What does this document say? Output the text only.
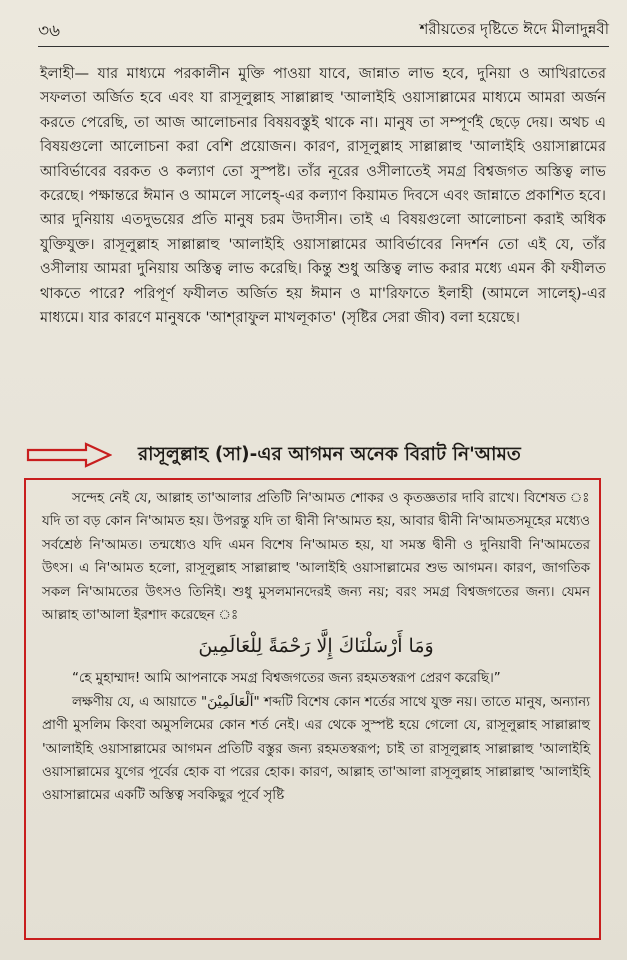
৩৬	শরীয়তের দৃষ্টিতে ঈদে মীলাদুন্নবী

ইলাহী— যার মাধ্যমে পরকালীন মুক্তি পাওয়া যাবে, জান্নাত লাভ হবে, দুনিয়া ও আখিরাতের সফলতা অর্জিত হবে এবং যা রাসূলুল্লাহ সাল্লাল্লাহু 'আলাইহি ওয়াসাল্লামের মাধ্যমে আমরা অর্জন করতে পেরেছি, তা আজ আলোচনার বিষয়বস্তুই থাকে না। মানুষ তা সম্পূর্ণই ছেড়ে দেয়। অথচ এ বিষয়গুলো আলোচনা করা বেশি প্রয়োজন। কারণ, রাসূলুল্লাহ সাল্লাল্লাহু 'আলাইহি ওয়াসাল্লামের আবির্ভাবের বরকত ও কল্যাণ তো সুস্পষ্ট। তাঁর নূরের ওসীলাতেই সমগ্র বিশ্বজগত অস্তিত্ব লাভ করেছে। পক্ষান্তরে ঈমান ও আমলে সালেহ্-এর কল্যাণ কিয়ামত দিবসে এবং জান্নাতে প্রকাশিত হবে। আর দুনিয়ায় এতদুভয়ের প্রতি মানুষ চরম উদাসীন। তাই এ বিষয়গুলো আলোচনা করাই অধিক যুক্তিযুক্ত। রাসূলুল্লাহ সাল্লাল্লাহু 'আলাইহি ওয়াসাল্লামের আবির্ভাবের নিদর্শন তো এই যে, তাঁর ওসীলায় আমরা দুনিয়ায় অস্তিত্ব লাভ করেছি। কিন্তু শুধু অস্তিত্ব লাভ করার মধ্যে এমন কী ফযীলত থাকতে পারে? পরিপূর্ণ ফযীলত অর্জিত হয় ঈমান ও মা'রিফাতে ইলাহী (আমলে সালেহ্)-এর মাধ্যমে। যার কারণে মানুষকে 'আশ্‌রাফুল মাখলূকাত' (সৃষ্টির সেরা জীব) বলা হয়েছে।

রাসূলুল্লাহ (সা)-এর আগমন অনেক বিরাট নি'আমত

সন্দেহ নেই যে, আল্লাহ তা'আলার প্রতিটি নি'আমত শোকর ও কৃতজ্ঞতার দাবি রাখে। বিশেষত ঃ যদি তা বড় কোন নি'আমত হয়। উপরন্তু যদি তা দ্বীনী নি'আমত হয়, আবার দ্বীনী নি'আমতসমূহের মধ্যেও সর্বশ্রেষ্ঠ নি'আমত। তন্মধ্যেও যদি এমন বিশেষ নি'আমত হয়, যা সমস্ত দ্বীনী ও দুনিয়াবী নি'আমতের উৎস। এ নি'আমত হলো, রাসূলুল্লাহ সাল্লাল্লাহু 'আলাইহি ওয়াসাল্লামের শুভ আগমন। কারণ, জাগতিক সকল নি'আমতের উৎসও তিনিই। শুধু মুসলমানদেরই জন্য নয়; বরং সমগ্র বিশ্বজগতের জন্য। যেমন আল্লাহ তা'আলা ইরশাদ করেছেন ঃ

وَمَا أَرْسَلْنَاكَ إِلَّا رَحْمَةً لِلْعَالَمِينَ

“হে মুহাম্মাদ! আমি আপনাকে সমগ্র বিশ্বজগতের জন্য রহমতস্বরূপ প্রেরণ করেছি।”

লক্ষণীয় যে, এ আয়াতে "اَلْعَالَمِيْنَ" শব্দটি বিশেষ কোন শর্তের সাথে যুক্ত নয়। তাতে মানুষ, অন্যান্য প্রাণী মুসলিম কিংবা অমুসলিমের কোন শর্ত নেই। এর থেকে সুস্পষ্ট হয়ে গেলো যে, রাসূলুল্লাহ সাল্লাল্লাহু 'আলাইহি ওয়াসাল্লামের আগমন প্রতিটি বস্তুর জন্য রহমতস্বরূপ; চাই তা রাসূলুল্লাহ সাল্লাল্লাহু 'আলাইহি ওয়াসাল্লামের যুগের পূর্বের হোক বা পরের হোক। কারণ, আল্লাহ তা'আলা রাসূলুল্লাহ সাল্লাল্লাহু 'আলাইহি ওয়াসাল্লামের একটি অস্তিত্ব সবকিছুর পূর্বে সৃষ্টি
